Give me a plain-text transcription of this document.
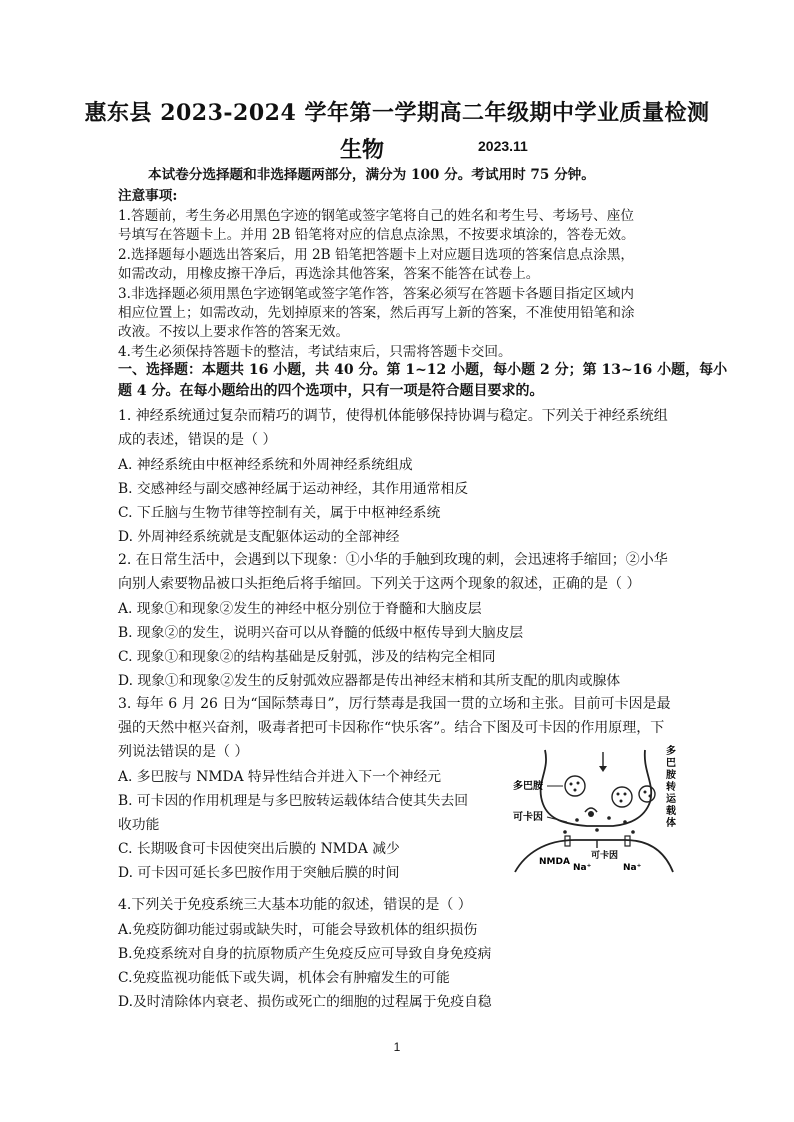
惠东县 2023-2024 学年第一学期高二年级期中学业质量检测
生物	2023.11
本试卷分选择题和非选择题两部分，满分为 100 分。考试用时 75 分钟。
注意事项:
1.答题前，考生务必用黑色字迹的钢笔或签字笔将自己的姓名和考生号、考场号、座位
号填写在答题卡上。并用 2B 铅笔将对应的信息点涂黑，不按要求填涂的，答卷无效。
2.选择题每小题选出答案后，用 2B 铅笔把答题卡上对应题目选项的答案信息点涂黑，
如需改动，用橡皮擦干净后，再选涂其他答案，答案不能答在试卷上。
3.非选择题必须用黑色字迹钢笔或签字笔作答，答案必须写在答题卡各题目指定区域内
相应位置上；如需改动，先划掉原来的答案，然后再写上新的答案，不准使用铅笔和涂
改液。不按以上要求作答的答案无效。
4.考生必须保持答题卡的整洁，考试结束后，只需将答题卡交回。
一、选择题：本题共 16 小题，共 40 分。第 1~12 小题，每小题 2 分；第 13~16 小题，每小
题 4 分。在每小题给出的四个选项中，只有一项是符合题目要求的。
1. 神经系统通过复杂而精巧的调节，使得机体能够保持协调与稳定。下列关于神经系统组
成的表述，错误的是（ ）
A. 神经系统由中枢神经系统和外周神经系统组成
B. 交感神经与副交感神经属于运动神经，其作用通常相反
C. 下丘脑与生物节律等控制有关，属于中枢神经系统
D. 外周神经系统就是支配躯体运动的全部神经
2. 在日常生活中，会遇到以下现象：①小华的手触到玫瑰的刺，会迅速将手缩回；②小华
向别人索要物品被口头拒绝后将手缩回。下列关于这两个现象的叙述，正确的是（ ）
A. 现象①和现象②发生的神经中枢分别位于脊髓和大脑皮层
B. 现象②的发生，说明兴奋可以从脊髓的低级中枢传导到大脑皮层
C. 现象①和现象②的结构基础是反射弧，涉及的结构完全相同
D. 现象①和现象②发生的反射弧效应器都是传出神经末梢和其所支配的肌肉或腺体
3. 每年 6 月 26 日为“国际禁毒日”，厉行禁毒是我国一贯的立场和主张。目前可卡因是最
强的天然中枢兴奋剂，吸毒者把可卡因称作“快乐客”。结合下图及可卡因的作用原理，下
列说法错误的是（ ）
A. 多巴胺与 NMDA 特异性结合并进入下一个神经元
B. 可卡因的作用机理是与多巴胺转运载体结合使其失去回
收功能
C. 长期吸食可卡因使突出后膜的 NMDA 减少
D. 可卡因可延长多巴胺作用于突触后膜的时间
多巴胺
可卡因
多
巴
胺
转
运
载
体
NMDA
Na⁺
可卡因
Na⁺
4.下列关于免疫系统三大基本功能的叙述，错误的是（ ）
A.免疫防御功能过弱或缺失时，可能会导致机体的组织损伤
B.免疫系统对自身的抗原物质产生免疫反应可导致自身免疫病
C.免疫监视功能低下或失调，机体会有肿瘤发生的可能
D.及时清除体内衰老、损伤或死亡的细胞的过程属于免疫自稳
1
